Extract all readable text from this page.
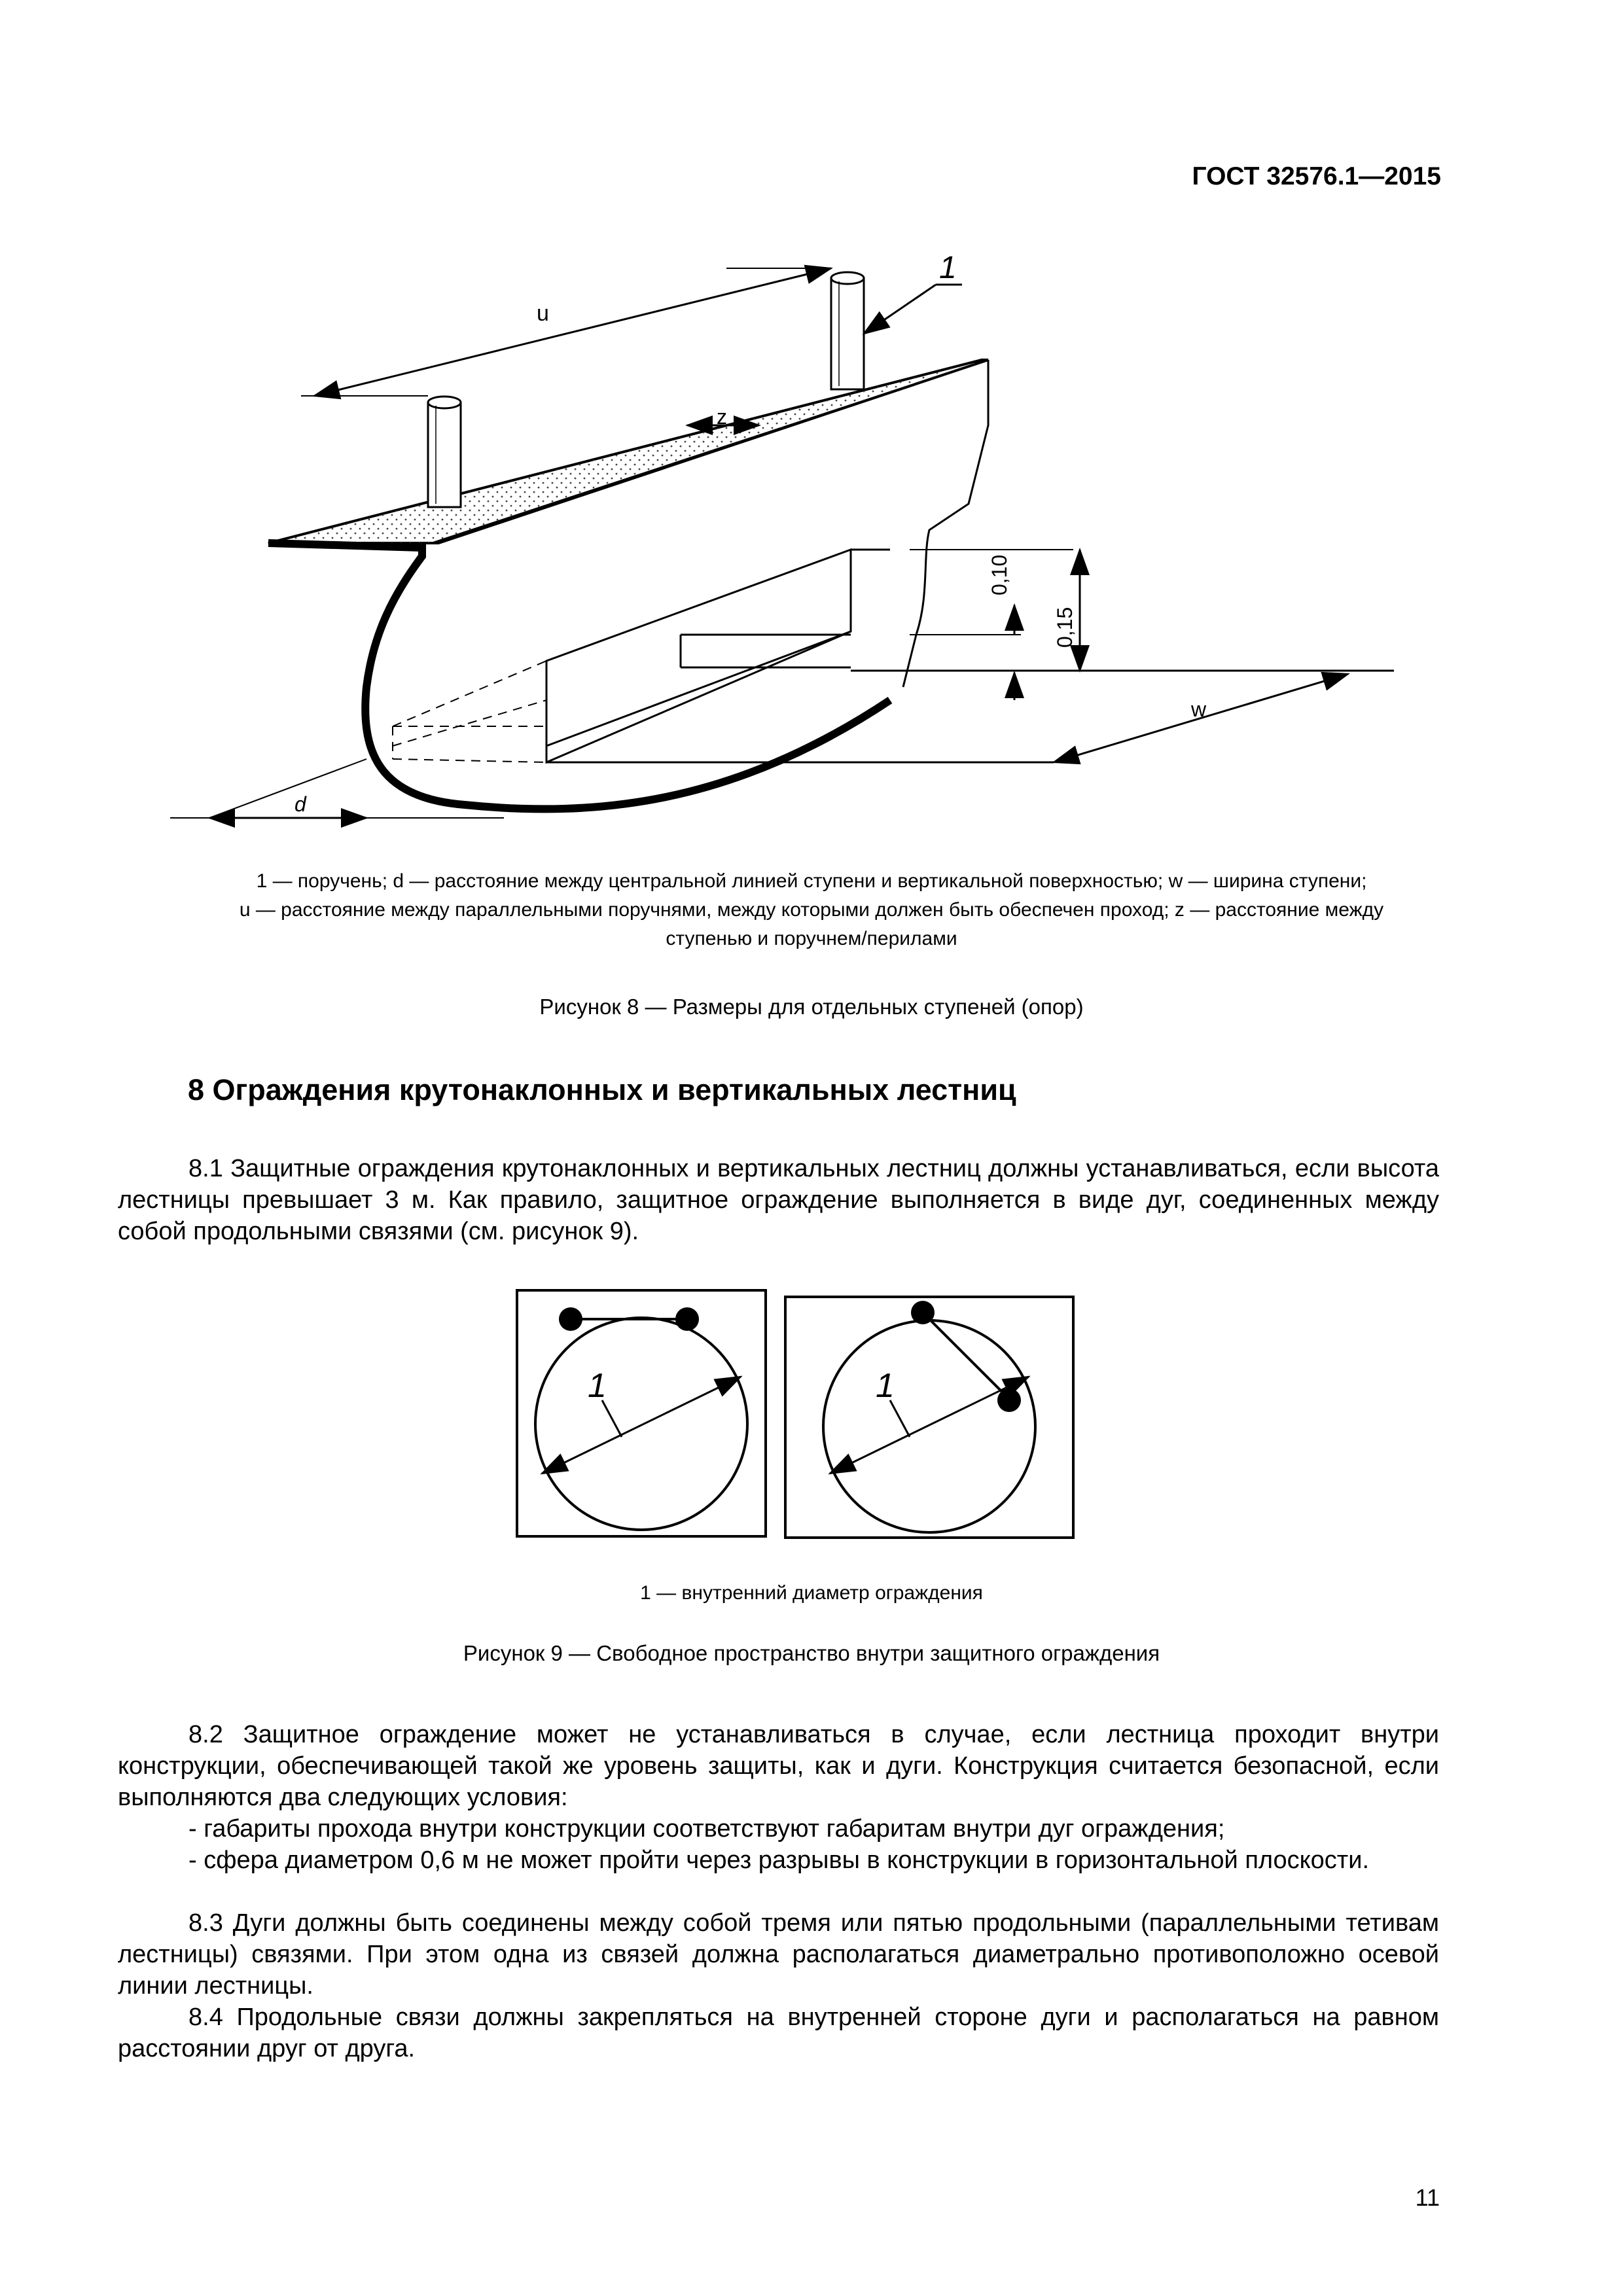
ГОСТ 32576.1—2015
1
u
z
0,10
0,15
w
d
1 — поручень; d — расстояние между центральной линией ступени и вертикальной поверхностью; w — ширина ступени;
u — расстояние между параллельными поручнями, между которыми должен быть обеспечен проход; z — расстояние между
ступенью и поручнем/перилами
Рисунок 8 — Размеры для отдельных ступеней (опор)
8 Ограждения крутонаклонных и вертикальных лестниц

8.1 Защитные ограждения крутонаклонных и вертикальных лестниц должны устанавливаться, если высота лестницы превышает 3 м. Как правило, защитное ограждение выполняется в виде дуг, соединенных между собой продольными связями (см. рисунок 9).

1	1
1 — внутренний диаметр ограждения
Рисунок 9 — Свободное пространство внутри защитного ограждения

8.2 Защитное ограждение может не устанавливаться в случае, если лестница проходит внутри конструкции, обеспечивающей такой же уровень защиты, как и дуги. Конструкция считается безопасной, если выполняются два следующих условия:

- габариты прохода внутри конструкции соответствуют габаритам внутри дуг ограждения;

- сфера диаметром 0,6 м не может пройти через разрывы в конструкции в горизонтальной плоскости.

8.3 Дуги должны быть соединены между собой тремя или пятью продольными (параллельными тетивам лестницы) связями. При этом одна из связей должна располагаться диаметрально противоположно осевой линии лестницы.

8.4 Продольные связи должны закрепляться на внутренней стороне дуги и располагаться на равном расстоянии друг от друга.

11
